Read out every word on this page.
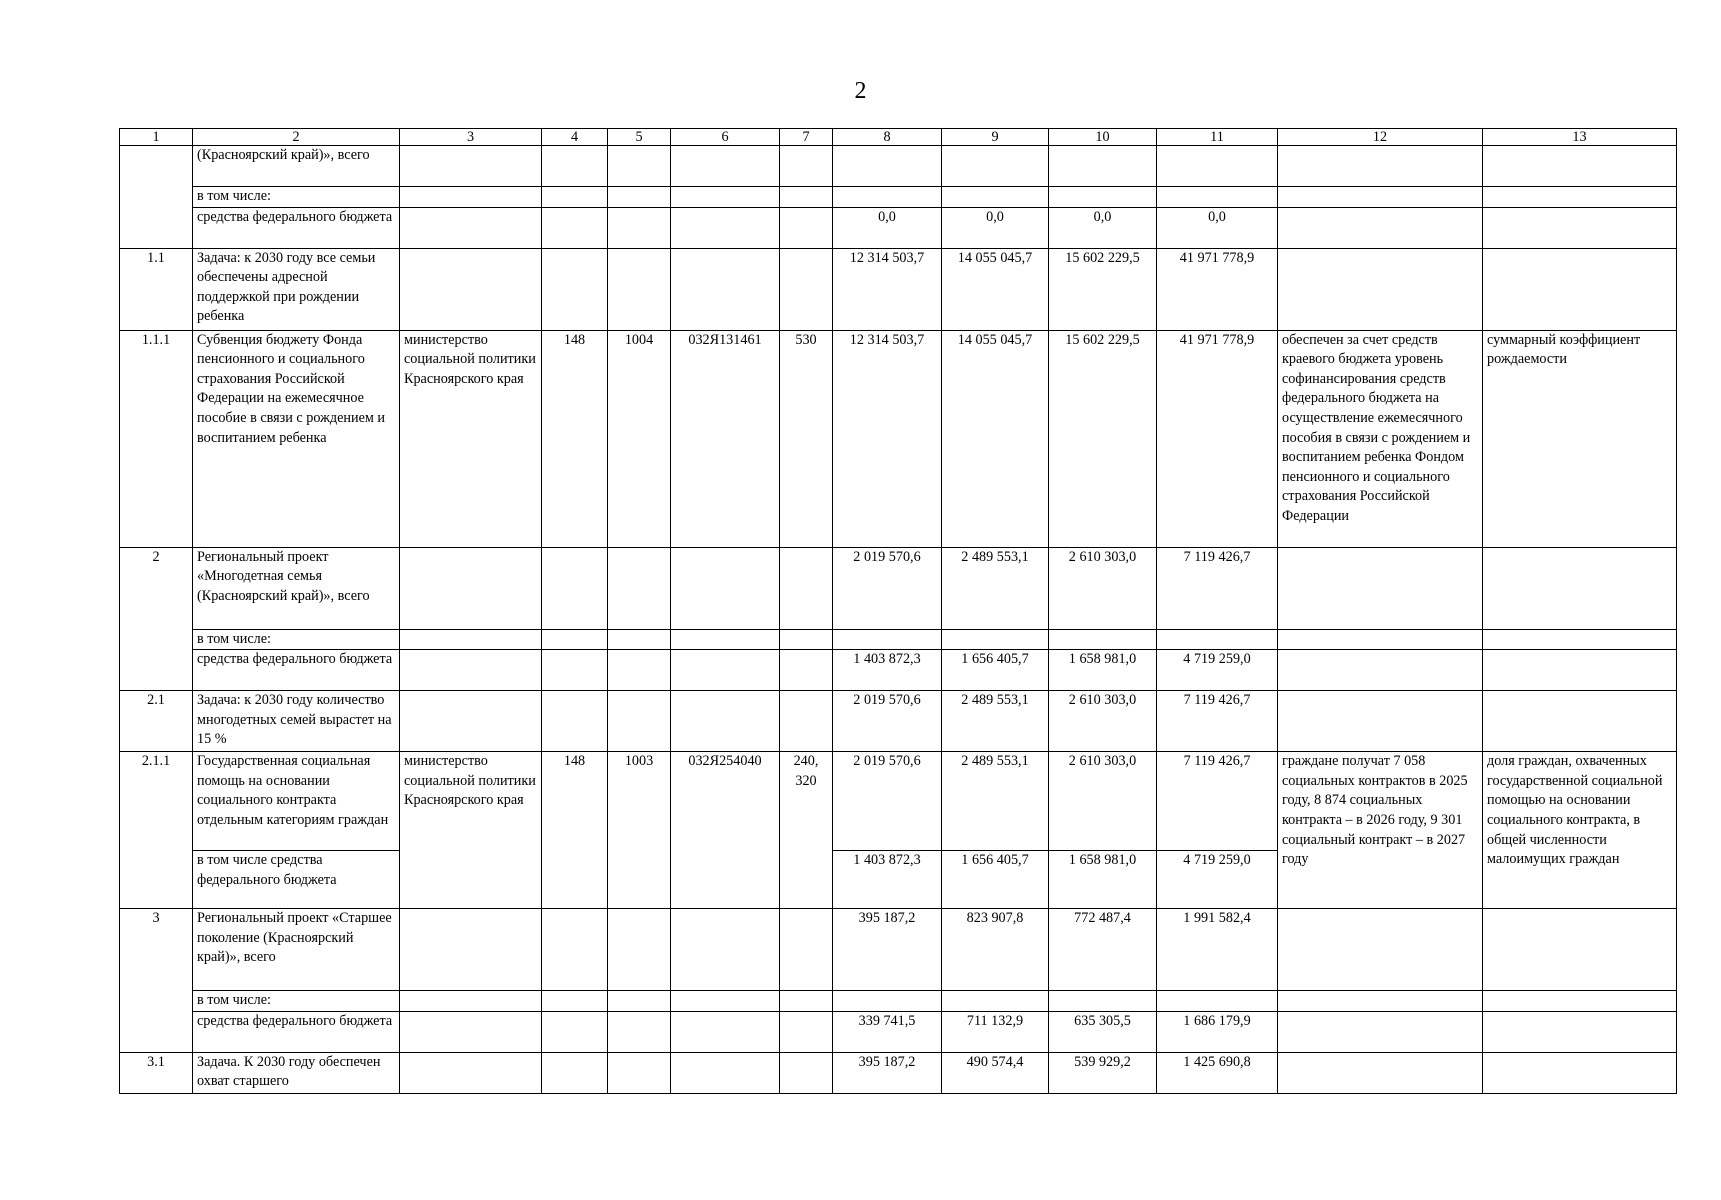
2
1	2	3	4	5	6	7	8	9	10	11	12	13
	(Красноярский край)», всего											
	в том числе:											
	средства федерального бюджета						0,0	0,0	0,0	0,0		
1.1	Задача: к 2030 году все семьи обеспечены адресной поддержкой при рождении ребенка						12 314 503,7	14 055 045,7	15 602 229,5	41 971 778,9		
1.1.1	Субвенция бюджету Фонда пенсионного и социального страхования Российской Федерации на ежемесячное пособие в связи с рождением и воспитанием ребенка	министерство социальной политики Красноярского края	148	1004	032Я131461	530	12 314 503,7	14 055 045,7	15 602 229,5	41 971 778,9	обеспечен за счет средств краевого бюджета уровень софинансирования средств федерального бюджета на осуществление ежемесячного пособия в связи с рождением и воспитанием ребенка Фондом пенсионного и социального страхования Российской Федерации	суммарный коэффициент рождаемости
2	Региональный проект «Многодетная семья (Красноярский край)», всего						2 019 570,6	2 489 553,1	2 610 303,0	7 119 426,7		
	в том числе:											
	средства федерального бюджета						1 403 872,3	1 656 405,7	1 658 981,0	4 719 259,0		
2.1	Задача: к 2030 году количество многодетных семей вырастет на 15 %						2 019 570,6	2 489 553,1	2 610 303,0	7 119 426,7		
2.1.1	Государственная социальная помощь на основании социального контракта отдельным категориям граждан	министерство социальной политики Красноярского края	148	1003	032Я254040	240, 320	2 019 570,6	2 489 553,1	2 610 303,0	7 119 426,7	граждане получат 7 058 социальных контрактов в 2025 году, 8 874 социальных контракта – в 2026 году, 9 301 социальный контракт – в 2027 году	доля граждан, охваченных государственной социальной помощью на основании социального контракта, в общей численности малоимущих граждан
	в том числе средства федерального бюджета						1 403 872,3	1 656 405,7	1 658 981,0	4 719 259,0		
3	Региональный проект «Старшее поколение (Красноярский край)», всего						395 187,2	823 907,8	772 487,4	1 991 582,4		
	в том числе:											
	средства федерального бюджета						339 741,5	711 132,9	635 305,5	1 686 179,9		
3.1	Задача. К 2030 году обеспечен охват старшего						395 187,2	490 574,4	539 929,2	1 425 690,8		
